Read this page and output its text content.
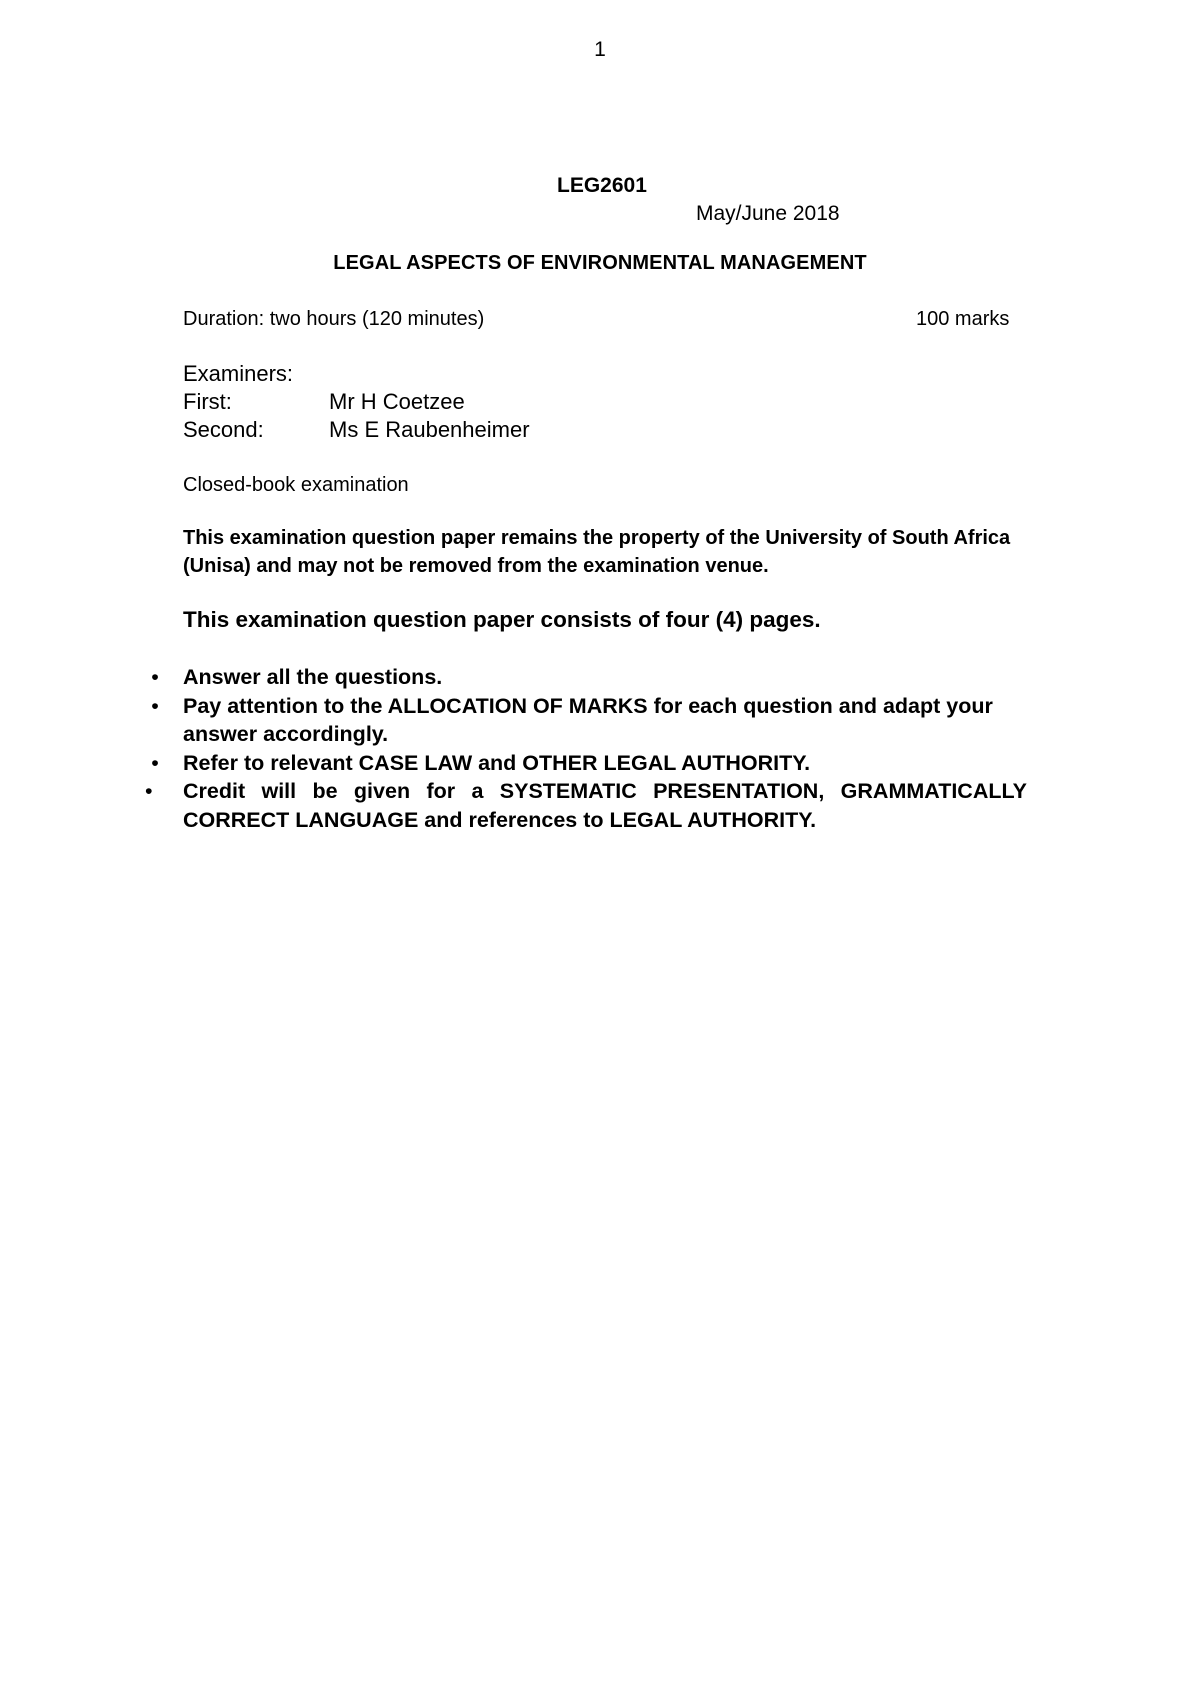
1
LEG2601
May/June 2018
LEGAL ASPECTS OF ENVIRONMENTAL MANAGEMENT
Duration: two hours (120 minutes)	100 marks
Examiners:
First:	Mr H Coetzee
Second:	Ms E Raubenheimer
Closed-book examination
This examination question paper remains the property of the University of South Africa (Unisa) and may not be removed from the examination venue.
This examination question paper consists of four (4) pages.
• Answer all the questions.
• Pay attention to the ALLOCATION OF MARKS for each question and adapt your answer accordingly.
• Refer to relevant CASE LAW and OTHER LEGAL AUTHORITY.
•	Credit will be given for a SYSTEMATIC PRESENTATION, GRAMMATICALLY CORRECT LANGUAGE and references to LEGAL AUTHORITY.
